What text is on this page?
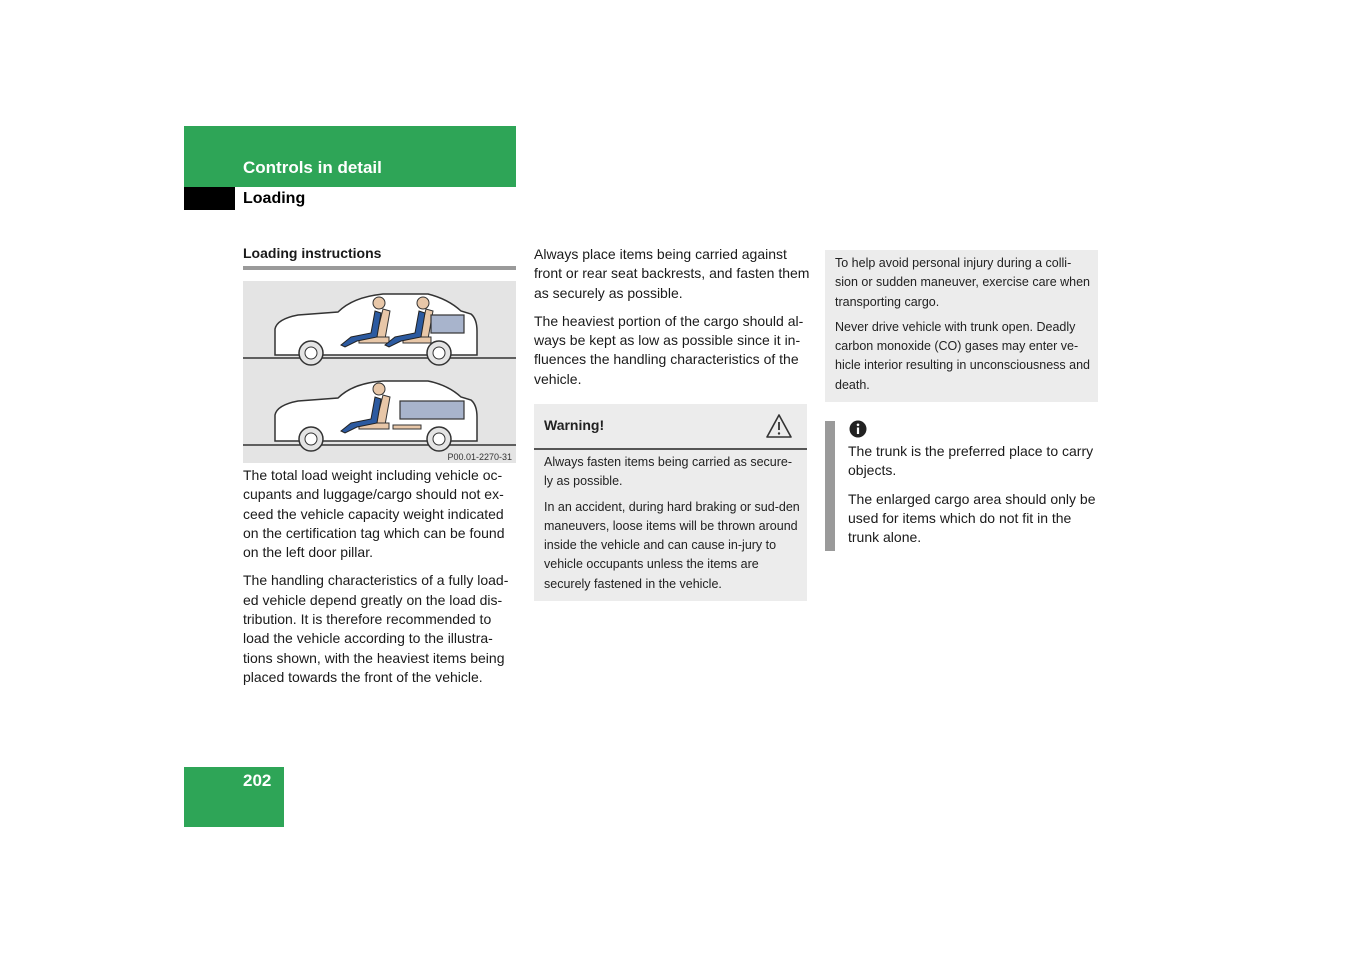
Controls in detail
Loading
Loading instructions
P00.01-2270-31

The total load weight including vehicle oc-cupants and luggage/cargo should not ex-ceed the vehicle capacity weight indicated on the certification tag which can be found on the left door pillar.

The handling characteristics of a fully load-ed vehicle depend greatly on the load dis-tribution. It is therefore recommended to load the vehicle according to the illustra-tions shown, with the heaviest items being placed towards the front of the vehicle.

Always place items being carried against front or rear seat backrests, and fasten them as securely as possible.

The heaviest portion of the cargo should al-ways be kept as low as possible since it in-fluences the handling characteristics of the vehicle.

Warning!

Always fasten items being carried as secure-ly as possible.

In an accident, during hard braking or sud-den maneuvers, loose items will be thrown around inside the vehicle and can cause in-jury to vehicle occupants unless the items are securely fastened in the vehicle.

To help avoid personal injury during a colli-sion or sudden maneuver, exercise care when transporting cargo.

Never drive vehicle with trunk open. Deadly carbon monoxide (CO) gases may enter ve-hicle interior resulting in unconsciousness and death.

The trunk is the preferred place to carry objects.

The enlarged cargo area should only be used for items which do not fit in the trunk alone.

202
